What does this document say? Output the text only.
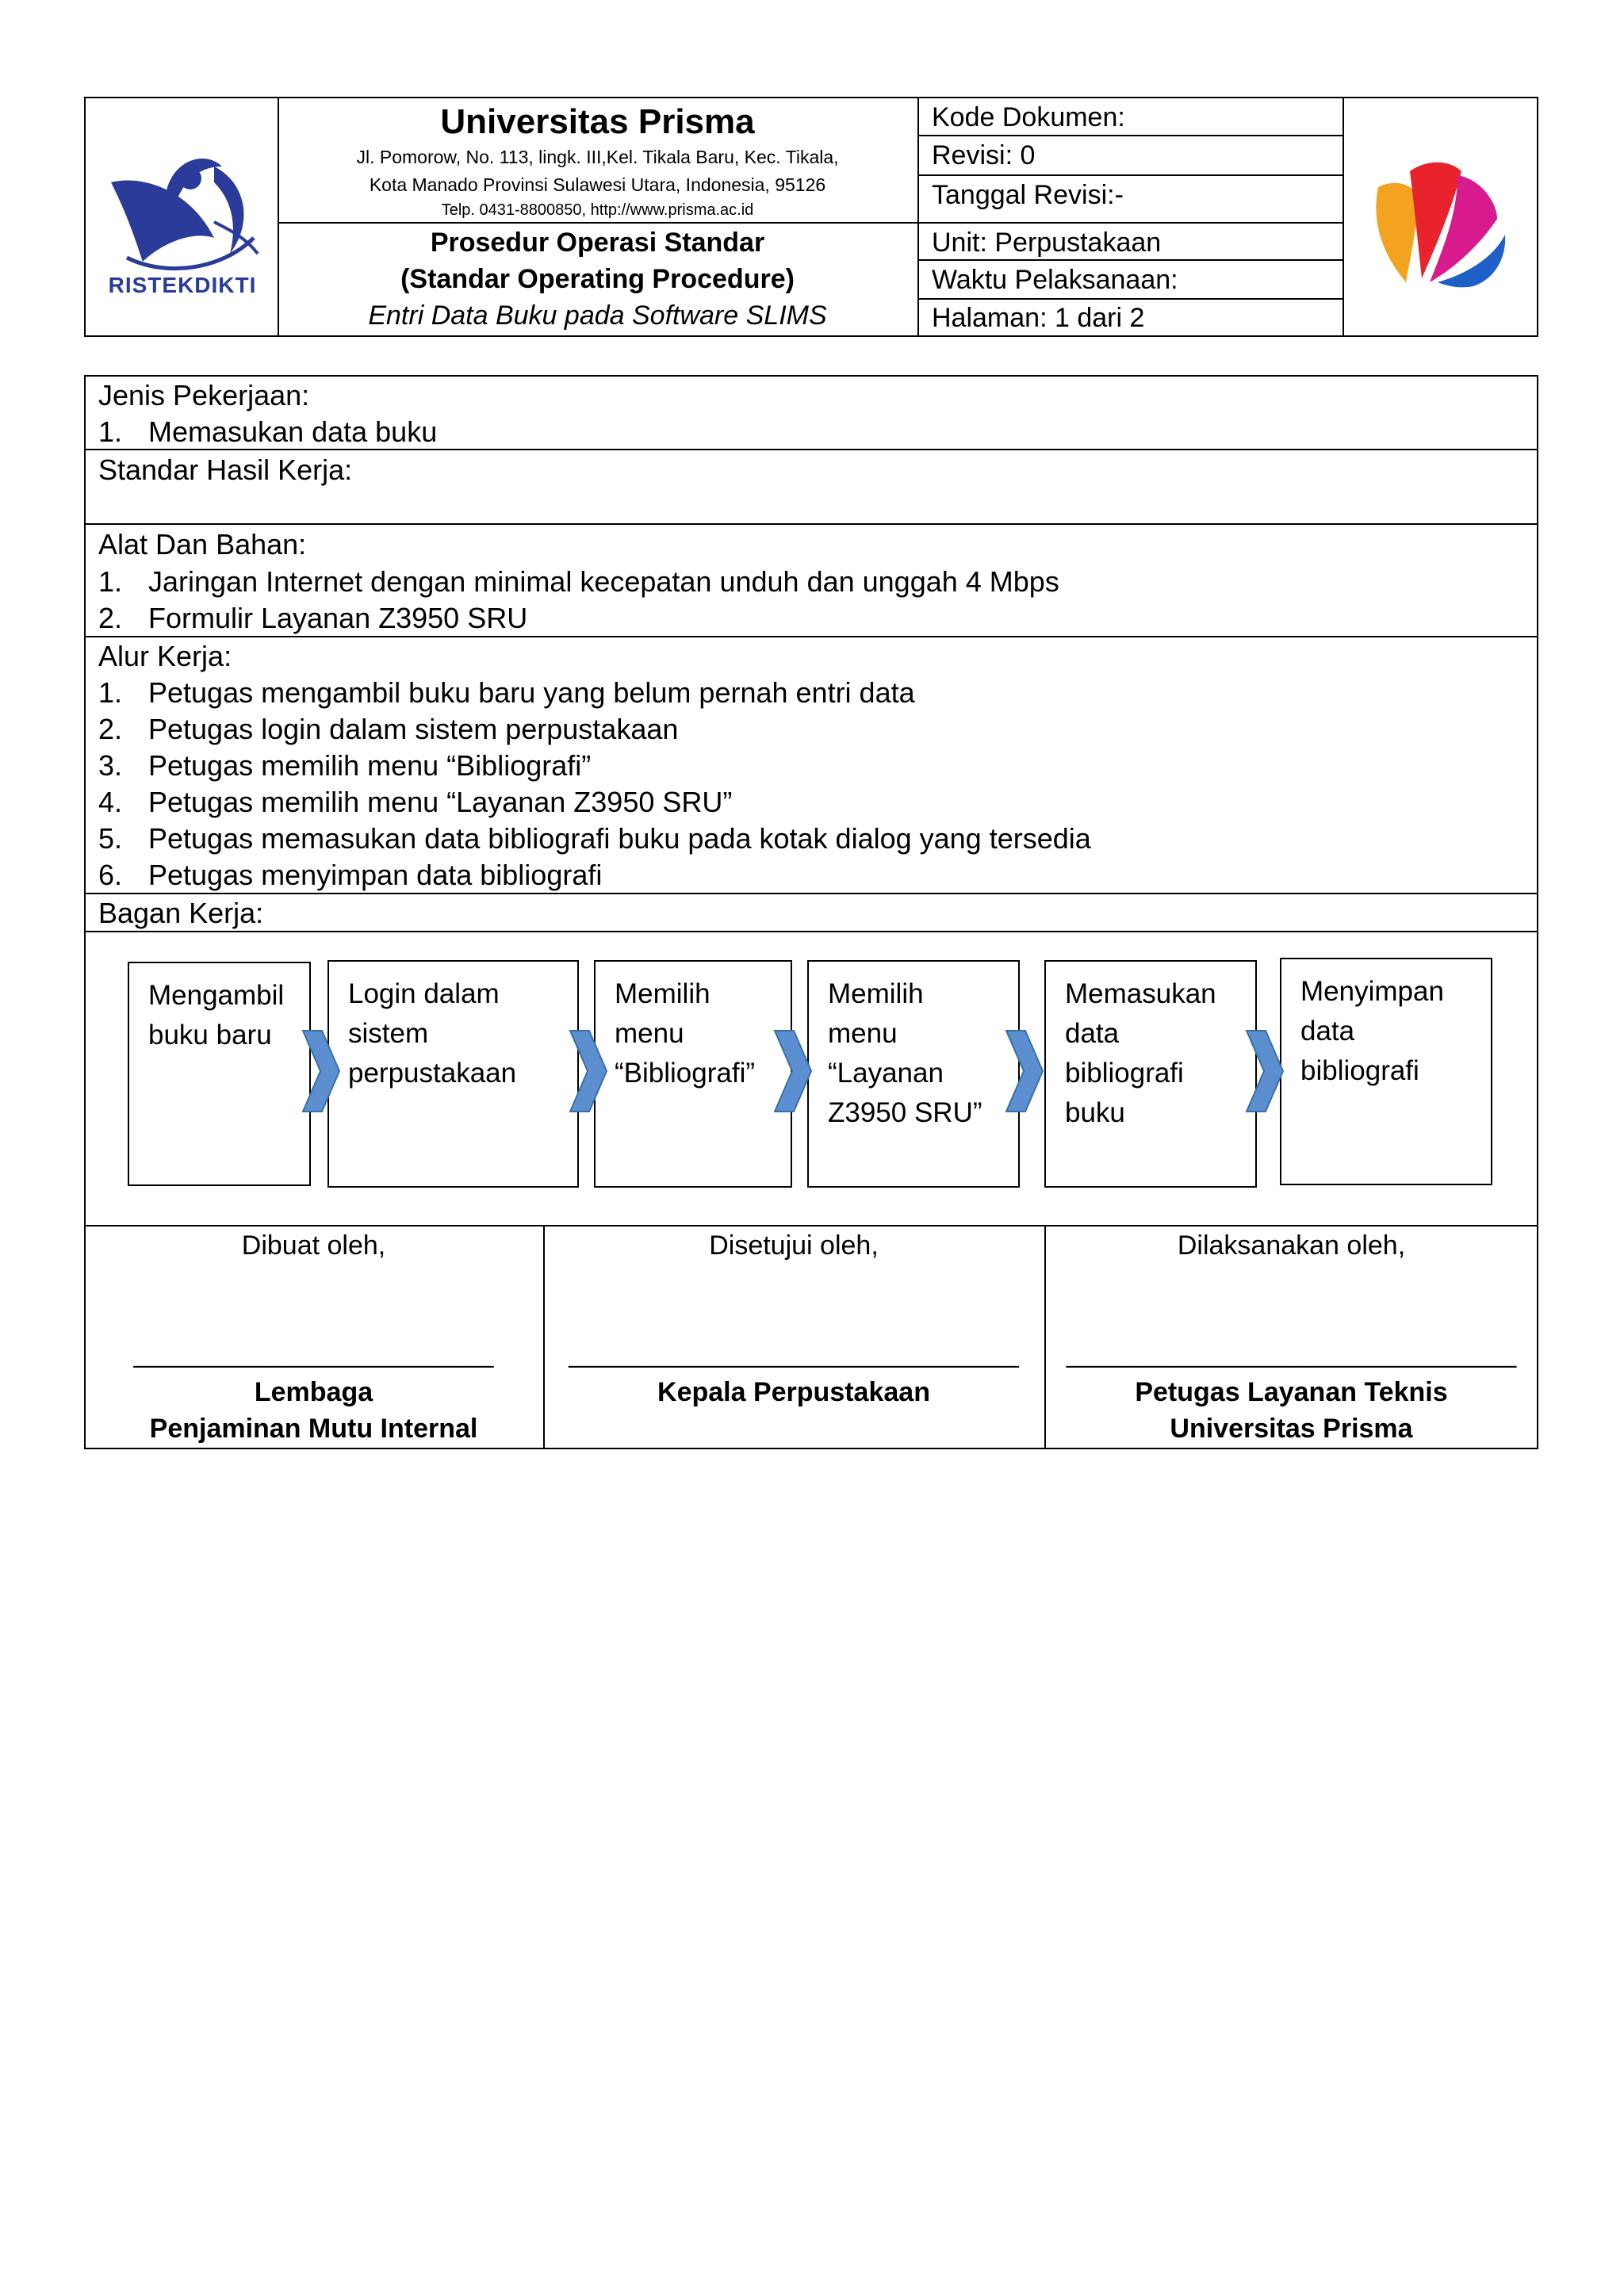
RISTEKDIKTI
Universitas Prisma
Jl. Pomorow, No. 113, lingk. III,Kel. Tikala Baru, Kec. Tikala,
Kota Manado Provinsi Sulawesi Utara, Indonesia, 95126
Telp. 0431-8800850, http://www.prisma.ac.id
Prosedur Operasi Standar
(Standar Operating Procedure)
Entri Data Buku pada Software SLIMS
Kode Dokumen:
Revisi: 0
Tanggal Revisi:-
Unit: Perpustakaan
Waktu Pelaksanaan:
Halaman: 1 dari 2
Jenis Pekerjaan:
1. Memasukan data buku
Standar Hasil Kerja:
Alat Dan Bahan:
1. Jaringan Internet dengan minimal kecepatan unduh dan unggah 4 Mbps
2. Formulir Layanan Z3950 SRU
Alur Kerja:
1. Petugas mengambil buku baru yang belum pernah entri data
2. Petugas login dalam sistem perpustakaan
3. Petugas memilih menu “Bibliografi”
4. Petugas memilih menu “Layanan Z3950 SRU”
5. Petugas memasukan data bibliografi buku pada kotak dialog yang tersedia
6. Petugas menyimpan data bibliografi
Bagan Kerja:
Mengambil
buku baru
Login dalam
sistem
perpustakaan
Memilih
menu
“Bibliografi”
Memilih
menu
“Layanan
Z3950 SRU”
Memasukan
data
bibliografi
buku
Menyimpan
data
bibliografi
Dibuat oleh,
________________________
Lembaga
Penjaminan Mutu Internal
Disetujui oleh,
______________________________
Kepala Perpustakaan
Dilaksanakan oleh,
______________________________
Petugas Layanan Teknis
Universitas Prisma
